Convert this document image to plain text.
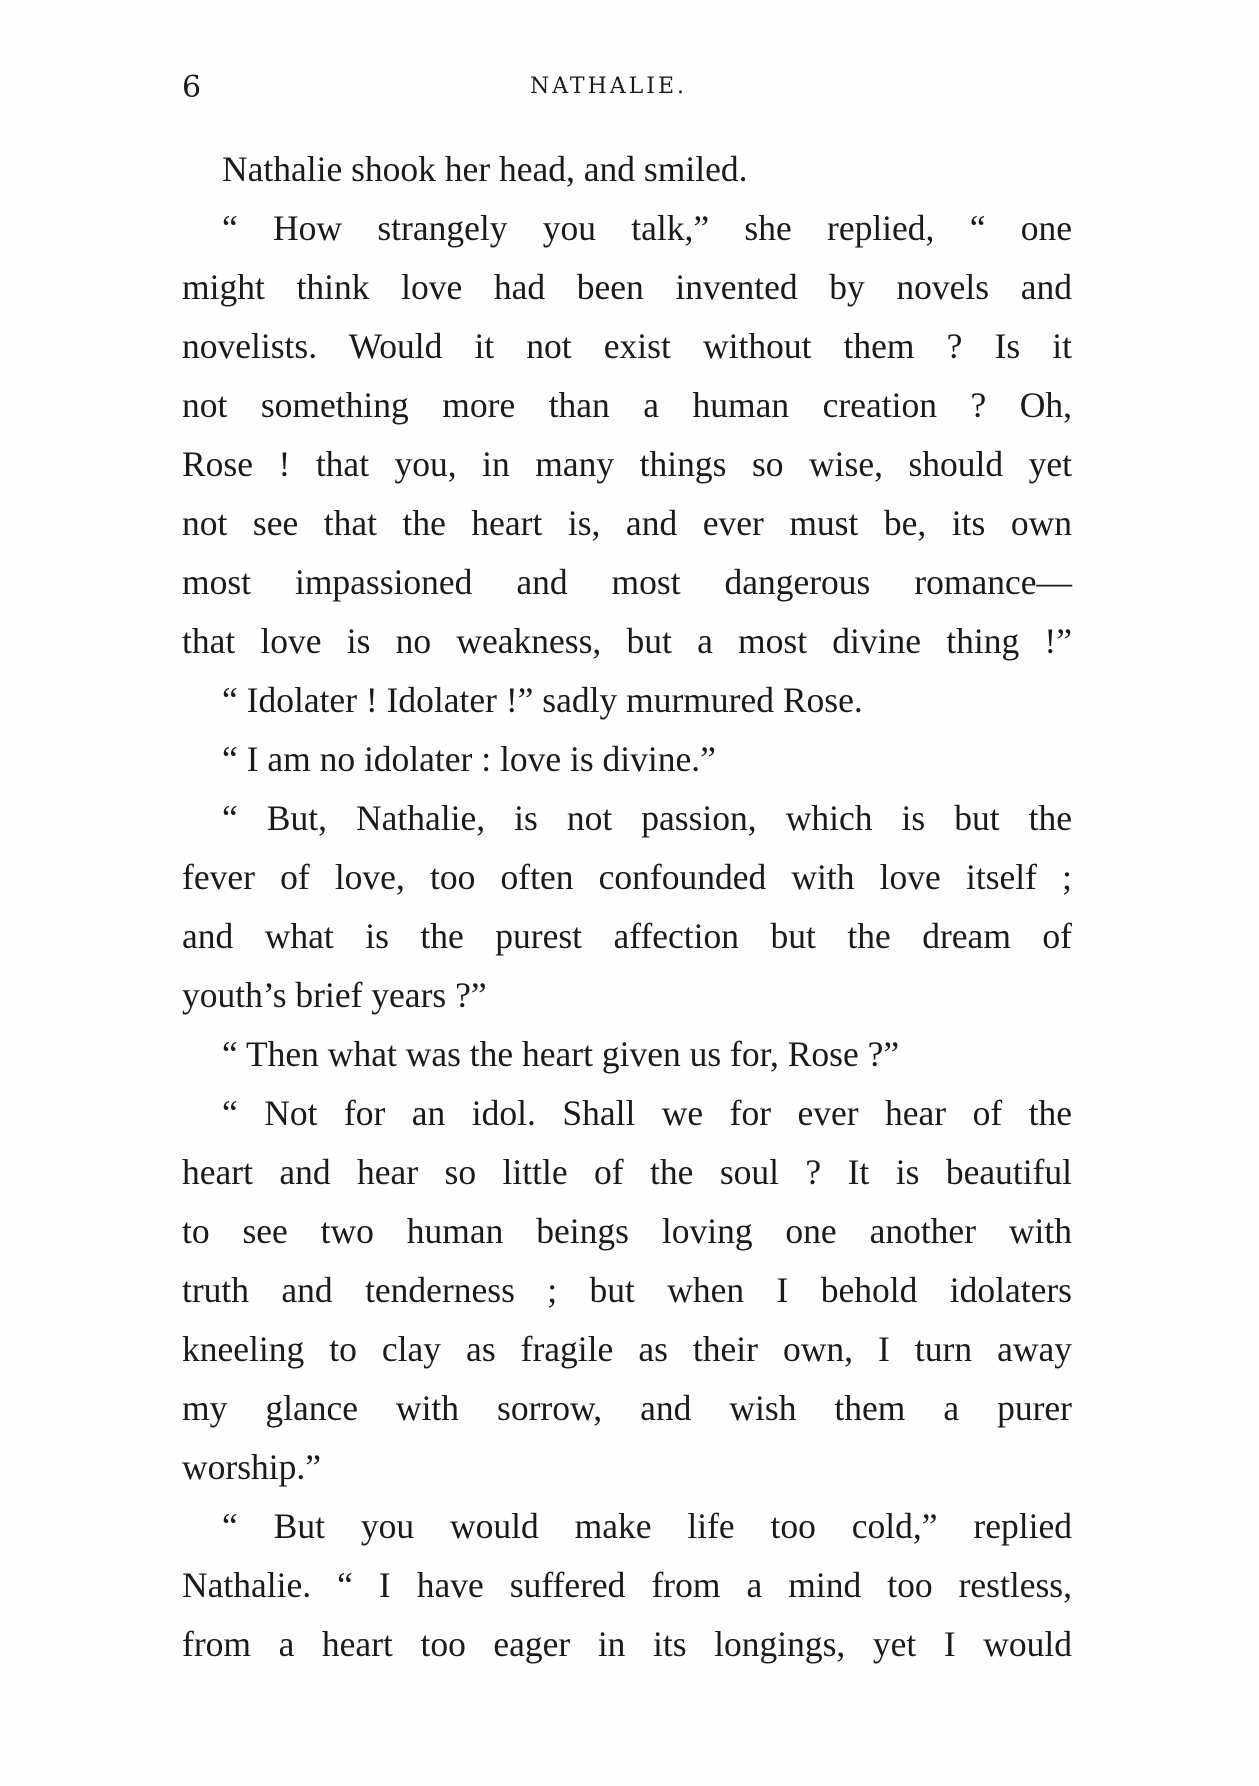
6	NATHALIE.
Nathalie shook her head, and smiled.
“ How strangely you talk,” she replied, “ one
might think love had been invented by novels and
novelists. Would it not exist without them ? Is it
not something more than a human creation ? Oh,
Rose ! that you, in many things so wise, should yet
not see that the heart is, and ever must be, its own
most impassioned and most dangerous romance—
that love is no weakness, but a most divine thing !”
“ Idolater ! Idolater !” sadly murmured Rose.
“ I am no idolater : love is divine.”
“ But, Nathalie, is not passion, which is but the
fever of love, too often confounded with love itself ;
and what is the purest affection but the dream of
youth’s brief years ?”
“ Then what was the heart given us for, Rose ?”
“ Not for an idol. Shall we for ever hear of the
heart and hear so little of the soul ? It is beautiful
to see two human beings loving one another with
truth and tenderness ; but when I behold idolaters
kneeling to clay as fragile as their own, I turn away
my glance with sorrow, and wish them a purer
worship.”
“ But you would make life too cold,” replied
Nathalie. “ I have suffered from a mind too restless,
from a heart too eager in its longings, yet I would
